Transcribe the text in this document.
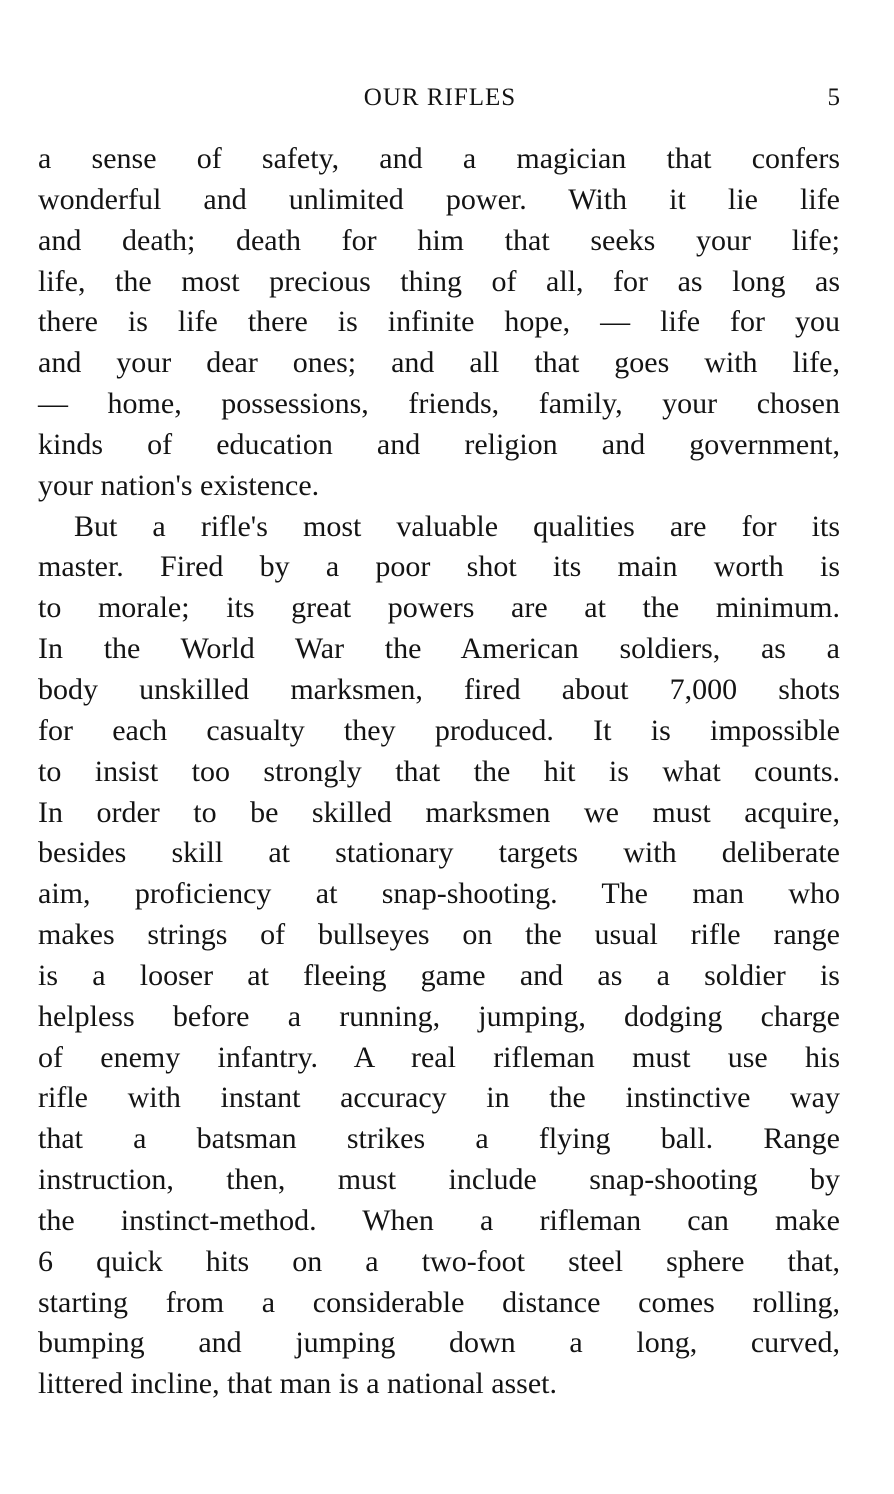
OUR RIFLES	5
a sense of safety, and a magician that confers
wonderful and unlimited power. With it lie life
and death; death for him that seeks your life;
life, the most precious thing of all, for as long as
there is life there is infinite hope, — life for you
and your dear ones; and all that goes with life,
— home, possessions, friends, family, your chosen
kinds of education and religion and government,
your nation's existence.
But a rifle's most valuable qualities are for its
master. Fired by a poor shot its main worth is
to morale; its great powers are at the minimum.
In the World War the American soldiers, as a
body unskilled marksmen, fired about 7,000 shots
for each casualty they produced. It is impossible
to insist too strongly that the hit is what counts.
In order to be skilled marksmen we must acquire,
besides skill at stationary targets with deliberate
aim, proficiency at snap-shooting. The man who
makes strings of bullseyes on the usual rifle range
is a looser at fleeing game and as a soldier is
helpless before a running, jumping, dodging charge
of enemy infantry. A real rifleman must use his
rifle with instant accuracy in the instinctive way
that a batsman strikes a flying ball. Range
instruction, then, must include snap-shooting by
the instinct-method. When a rifleman can make
6 quick hits on a two-foot steel sphere that,
starting from a considerable distance comes rolling,
bumping and jumping down a long, curved,
littered incline, that man is a national asset.
